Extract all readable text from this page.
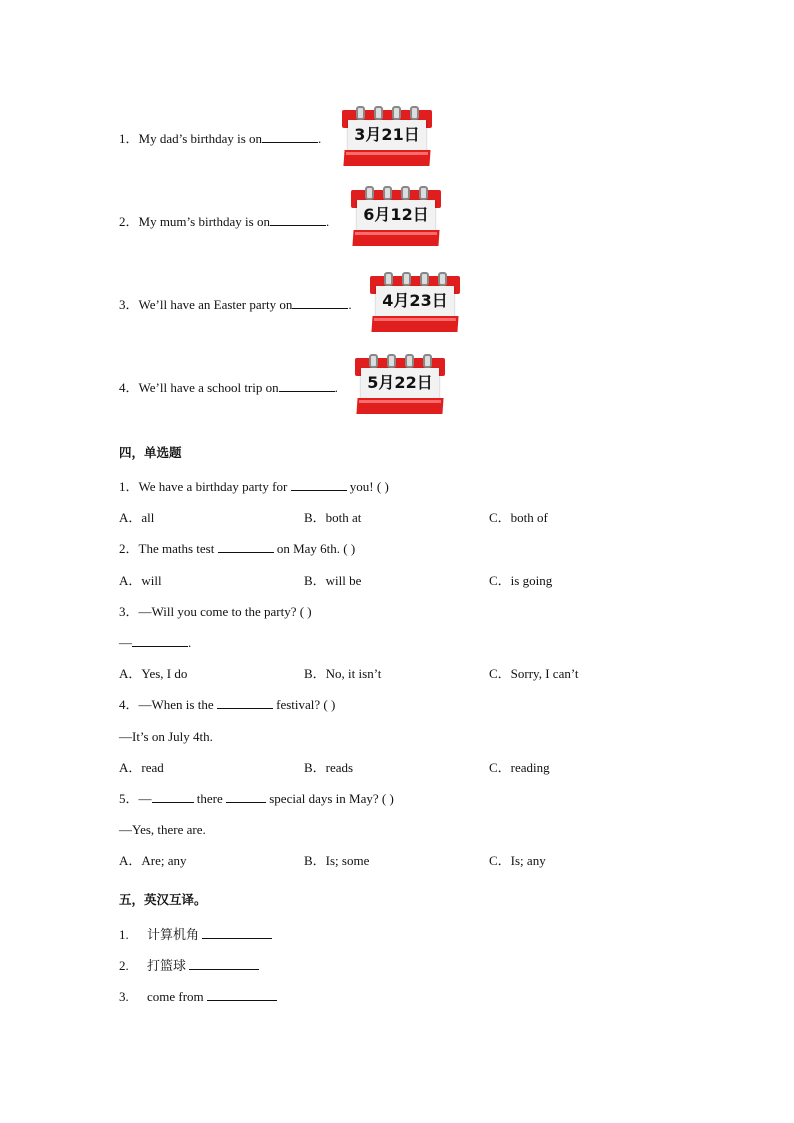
1．My dad’s birthday is on	.	3月21日
2．My mum’s birthday is on	.	6月12日
3．We’ll have an Easter party on	.	4月23日
4．We’ll have a school trip on	.	5月22日
四，单选题
1．We have a birthday party for	you! ( )
A．all	B．both at	C．both of
2．The maths test	on May 6th. ( )
A．will	B．will be	C．is going
3．—Will you come to the party? ( )
—	.
A．Yes, I do	B．No, it isn’t	C．Sorry, I can’t
4．—When is the	festival? ( )
—It’s on July 4th.
A．read	B．reads	C．reading
5．—	there	special days in May? ( )
—Yes, there are.
A．Are; any	B．Is; some	C．Is; any
五，英汉互译。
1. 计算机角
2. 打篮球
3. come from
